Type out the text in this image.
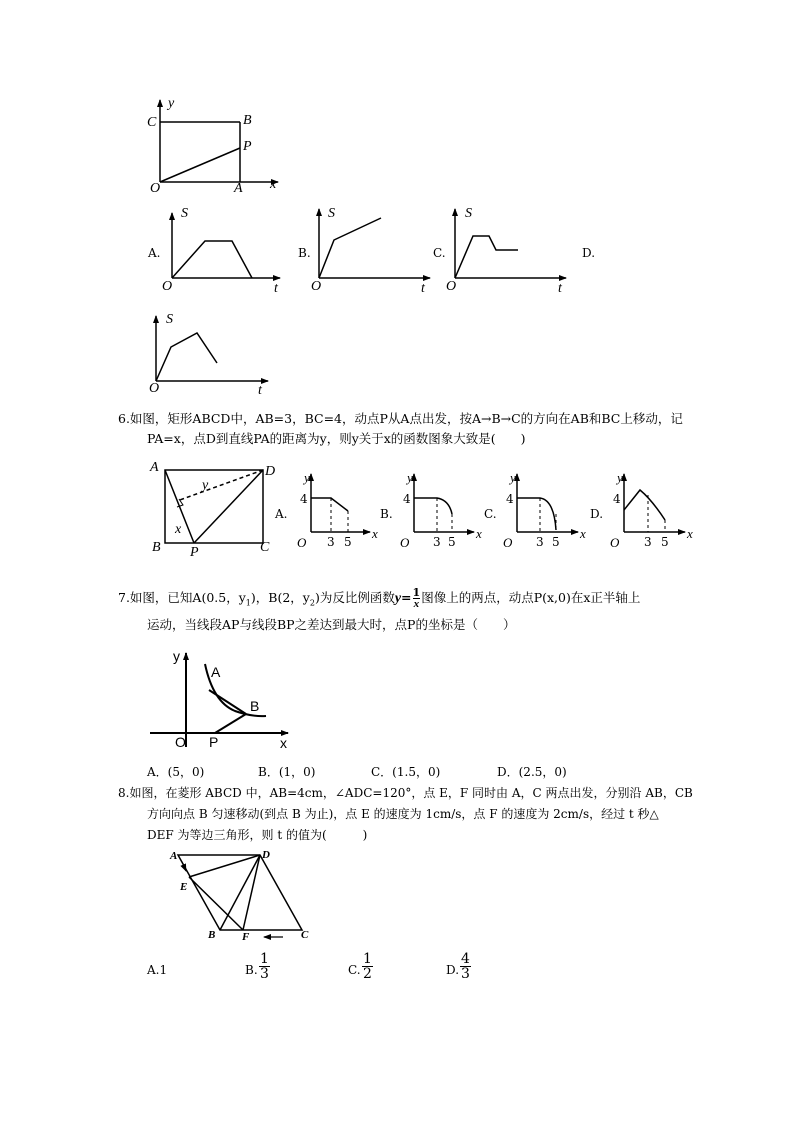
y
C	B
P
O	A x
A.	B.	C.	D.
S
O	t
S
O	t
S
O	t
S
O	t
6.如图，矩形ABCD中，AB=3，BC=4，动点P从A点出发，按A→B→C的方向在AB和BC上移动，记
PA=x，点D到直线PA的距离为y，则y关于x的函数图象大致是(　　)
A	D
B P	C
x
y
A.	B.	C.	D.
y
4
O 3 5
x
y
4
O 3 5
x
y
4
O 3 5
x
y
4
O 3 5
x
7.如图，已知A(0.5，$y_1$)，B(2，$y_2$)为反比例函数$y= \frac{1}{x}$ 图像上的两点，动点P(x,0)在x正半轴上
运动，当线段AP与线段BP之差达到最大时，点P的坐标是（　　）
y
A
B
O P	x
A．(5，0)	B．(1，0)	C．(1.5，0)	D．(2.5，0)
8.如图，在菱形 ABCD 中，AB=4cm，∠ADC=120°，点 E，F 同时由 A，C 两点出发，分别沿 AB，CB
方向向点 B 匀速移动(到点 B 为止)，点 E 的速度为 1cm/s，点 F 的速度为 2cm/s，经过 t 秒△
DEF 为等边三角形，则 t 的值为(　　　)
A	D
E
B F	C
A.1	B. $\frac{1}{3}$	C. $\frac{1}{2}$	D. $\frac{4}{3}$
